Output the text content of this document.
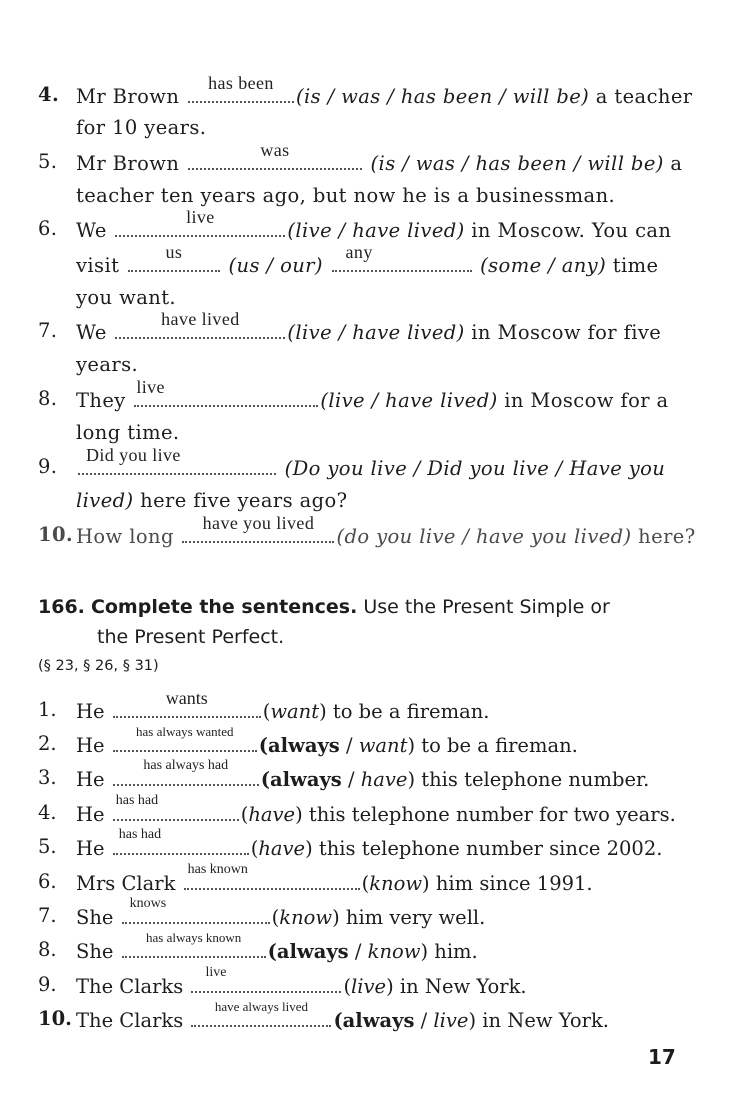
4. Mr Brown
has been
(is / was / has been / will be) a teacher
for 10 years.
5. Mr Brown
was
(is / was / has been / will be) a
teacher ten years ago, but now he is a businessman.
6. We
live
(live / have lived) in Moscow. You can
visit
us
(us / our)
any
(some / any) time
you want.
7. We
have lived
(live / have lived) in Moscow for five
years.
8. They
live
(live / have lived) in Moscow for a
long time.
9.	Did you live
(Do you live / Did you live / Have you
lived) here five years ago?
10. How long
have you lived
(do you live / have you lived) here?
166. Complete the sentences. Use the Present Simple or
the Present Perfect.
(§ 23, § 26, § 31)
1. He
wants
(want) to be a fireman.
2. He
has always wanted
(always / want) to be a fireman.
3. He
has always had
(always / have) this telephone number.
4. He
has had
(have) this telephone number for two years.
5. He
has had
(have) this telephone number since 2002.
6. Mrs Clark
has known
(know) him since 1991.
7. She
knows
(know) him very well.
8. She
has always known
(always / know) him.
9. The Clarks
live
(live) in New York.
10. The Clarks
have always lived
(always / live) in New York.
17
